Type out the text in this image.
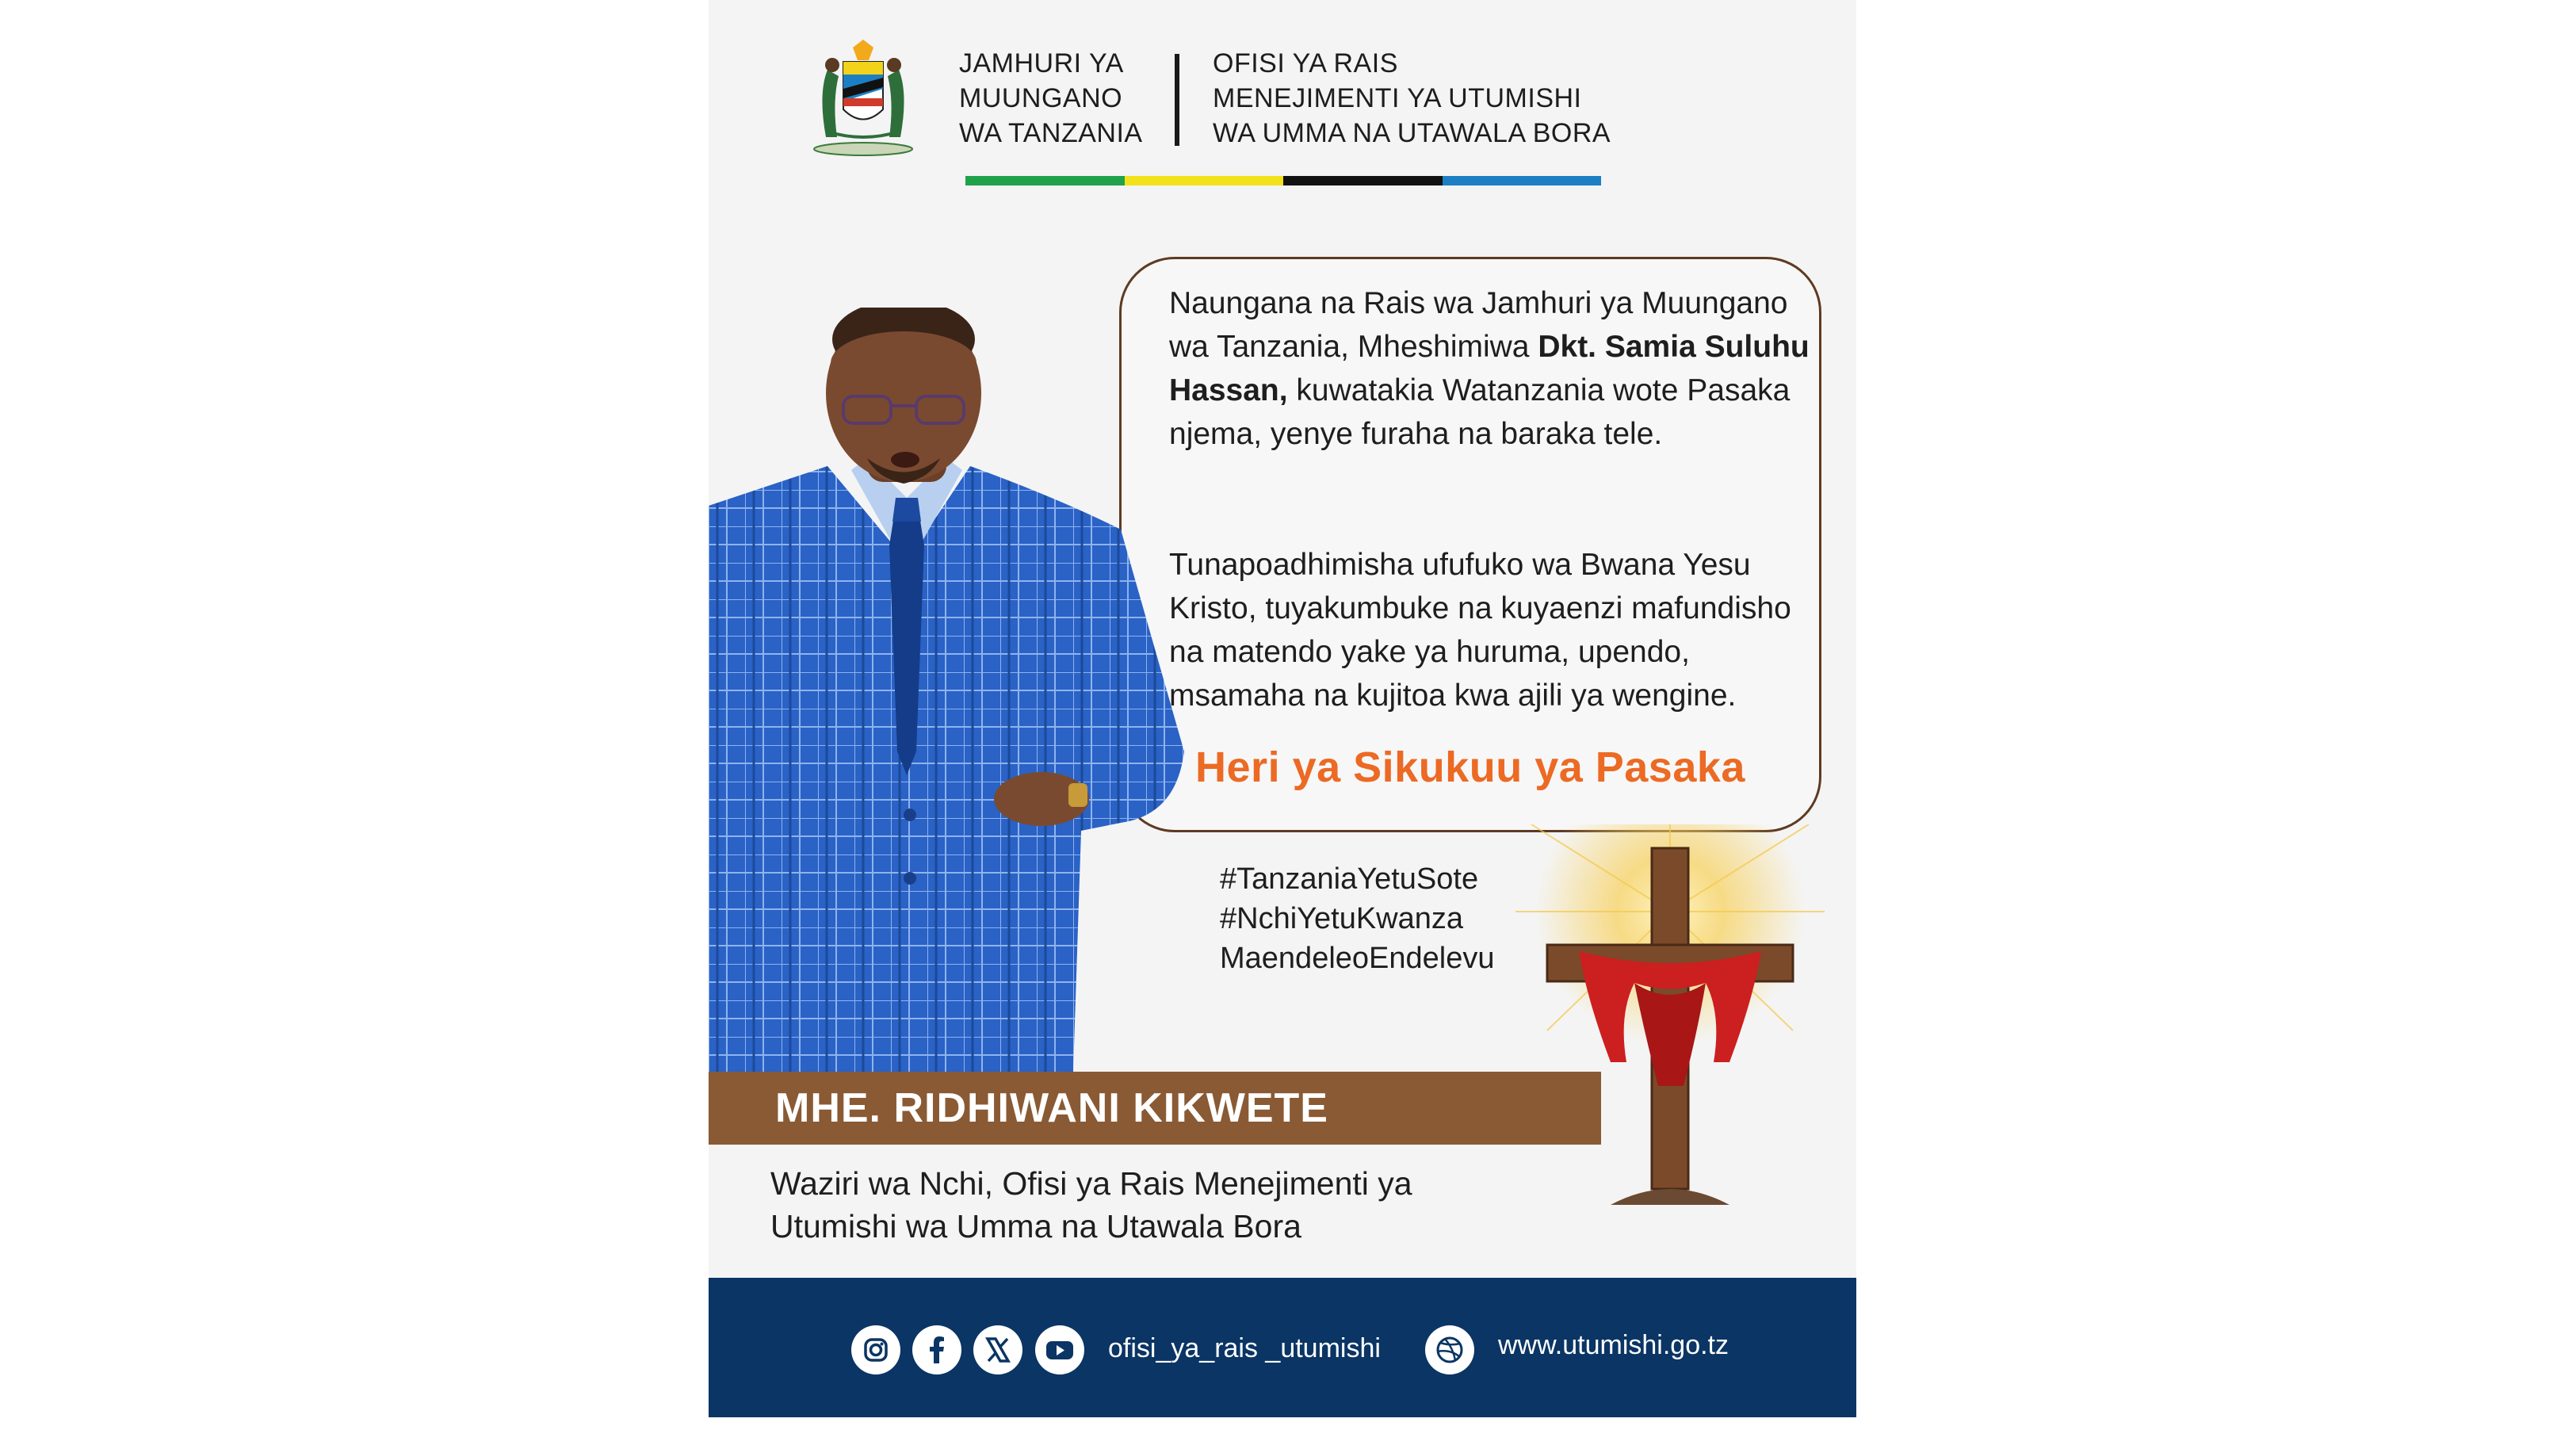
JAMHURI YA
MUUNGANO
WA TANZANIA
OFISI YA RAIS
MENEJIMENTI YA UTUMISHI
WA UMMA NA UTAWALA BORA
Naungana na Rais wa Jamhuri ya Muungano wa Tanzania, Mheshimiwa Dkt. Samia Suluhu Hassan, kuwatakia Watanzania wote Pasaka njema, yenye furaha na baraka tele.
Tunapoadhimisha ufufuko wa Bwana Yesu Kristo, tuyakumbuke na kuyaenzi mafundisho na matendo yake ya huruma, upendo, msamaha na kujitoa kwa ajili ya wengine.
Heri ya Sikukuu ya Pasaka
#TanzaniaYetuSote
#NchiYetuKwanza
MaendeleoEndelevu
MHE. RIDHIWANI KIKWETE
Waziri wa Nchi, Ofisi ya Rais Menejimenti ya Utumishi wa Umma na Utawala Bora
ofisi_ya_rais _utumishi	www.utumishi.go.tz
